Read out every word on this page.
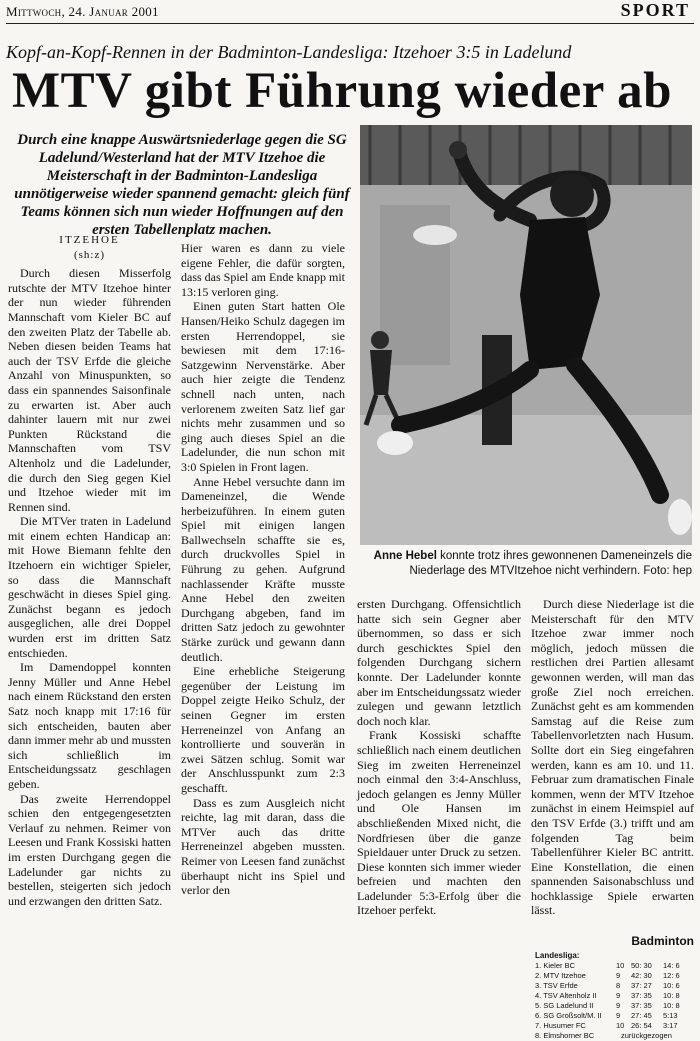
Mittwoch, 24. Januar 2001	SPORT
Kopf-an-Kopf-Rennen in der Badminton-Landesliga: Itzehoer 3:5 in Ladelund
MTV gibt Führung wieder ab
Durch eine knappe Auswärtsniederlage gegen die SG Ladelund/Westerland hat der MTV Itzehoe die Meisterschaft in der Badminton-Landesliga unnötigerweise wieder spannend gemacht: gleich fünf Teams können sich nun wieder Hoffnungen auf den ersten Tabellenplatz machen.
Anne Hebel konnte trotz ihres gewonnenen Dameneinzels die Niederlage des MTVItzehoe nicht verhindern. Foto: hep
ITZEHOE
(sh:z)

Durch diesen Misserfolg rutschte der MTV Itzehoe hinter der nun wieder führenden Mannschaft vom Kieler BC auf den zweiten Platz der Tabelle ab. Neben diesen beiden Teams hat auch der TSV Erfde die gleiche Anzahl von Minuspunkten, so dass ein spannendes Saisonfinale zu erwarten ist. Aber auch dahinter lauern mit nur zwei Punkten Rückstand die Mannschaften vom TSV Altenholz und die Ladelunder, die durch den Sieg gegen Kiel und Itzehoe wieder mit im Rennen sind.

Die MTVer traten in Ladelund mit einem echten Handicap an: mit Howe Biemann fehlte den Itzehoern ein wichtiger Spieler, so dass die Mannschaft geschwächt in dieses Spiel ging. Zunächst begann es jedoch ausgeglichen, alle drei Doppel wurden erst im dritten Satz entschieden.

Im Damendoppel konnten Jenny Müller und Anne Hebel nach einem Rückstand den ersten Satz noch knapp mit 17:16 für sich entscheiden, bauten aber dann immer mehr ab und mussten sich schließlich im Entscheidungssatz geschlagen geben.

Das zweite Herrendoppel schien den entgegengesetzten Verlauf zu nehmen. Reimer von Leesen und Frank Kossiski hatten im ersten Durchgang gegen die Ladelunder gar nichts zu bestellen, steigerten sich jedoch und erzwangen den dritten Satz.

Hier waren es dann zu viele eigene Fehler, die dafür sorgten, dass das Spiel am Ende knapp mit 13:15 verloren ging.

Einen guten Start hatten Ole Hansen/Heiko Schulz dagegen im ersten Herrendoppel, sie bewiesen mit dem 17:16-Satzgewinn Nervenstärke. Aber auch hier zeigte die Tendenz schnell nach unten, nach verlorenem zweiten Satz lief gar nichts mehr zusammen und so ging auch dieses Spiel an die Ladelunder, die nun schon mit 3:0 Spielen in Front lagen.

Anne Hebel versuchte dann im Dameneinzel, die Wende herbeizuführen. In einem guten Spiel mit einigen langen Ballwechseln schaffte sie es, durch druckvolles Spiel in Führung zu gehen. Aufgrund nachlassender Kräfte musste Anne Hebel den zweiten Durchgang abgeben, fand im dritten Satz jedoch zu gewohnter Stärke zurück und gewann dann deutlich.

Eine erhebliche Steigerung gegenüber der Leistung im Doppel zeigte Heiko Schulz, der seinen Gegner im ersten Herreneinzel von Anfang an kontrollierte und souverän in zwei Sätzen schlug. Somit war der Anschlusspunkt zum 2:3 geschafft.

Dass es zum Ausgleich nicht reichte, lag mit daran, dass die MTVer auch das dritte Herreneinzel abgeben mussten. Reimer von Leesen fand zunächst überhaupt nicht ins Spiel und verlor den

ersten Durchgang. Offensichtlich hatte sich sein Gegner aber übernommen, so dass er sich durch geschicktes Spiel den folgenden Durchgang sichern konnte. Der Ladelunder konnte aber im Entscheidungssatz wieder zulegen und gewann letztlich doch noch klar.

Frank Kossiski schaffte schließlich nach einem deutlichen Sieg im zweiten Herreneinzel noch einmal den 3:4-Anschluss, jedoch gelangen es Jenny Müller und Ole Hansen im abschließenden Mixed nicht, die Nordfriesen über die ganze Spieldauer unter Druck zu setzen. Diese konnten sich immer wieder befreien und machten den Ladelunder 5:3-Erfolg über die Itzehoer perfekt.

Durch diese Niederlage ist die Meisterschaft für den MTV Itzehoe zwar immer noch möglich, jedoch müssen die restlichen drei Partien allesamt gewonnen werden, will man das große Ziel noch erreichen. Zunächst geht es am kommenden Samstag auf die Reise zum Tabellenvorletzten nach Husum. Sollte dort ein Sieg eingefahren werden, kann es am 10. und 11. Februar zum dramatischen Finale kommen, wenn der MTV Itzehoe zunächst in einem Heimspiel auf den TSV Erfde (3.) trifft und am folgenden Tag beim Tabellenführer Kieler BC antritt. Eine Konstellation, die einen spannenden Saisonabschluss und hochklassige Spiele erwarten lässt.

Badminton
Landesliga:
1. Kieler BC	10 50: 30 14: 6
2. MTV Itzehoe	9 42: 30 12: 6
3. TSV Erfde	8 37: 27 10: 6
4. TSV Altenholz II	9 37: 35 10: 8
5. SG Ladelund II	9 37: 35 10: 8
6. SG Großsolt/M. II 9 27: 45 5:13
7. Husumer FC	10 26: 54 3:17
8. Elmshorner BC	zurückgezogen
